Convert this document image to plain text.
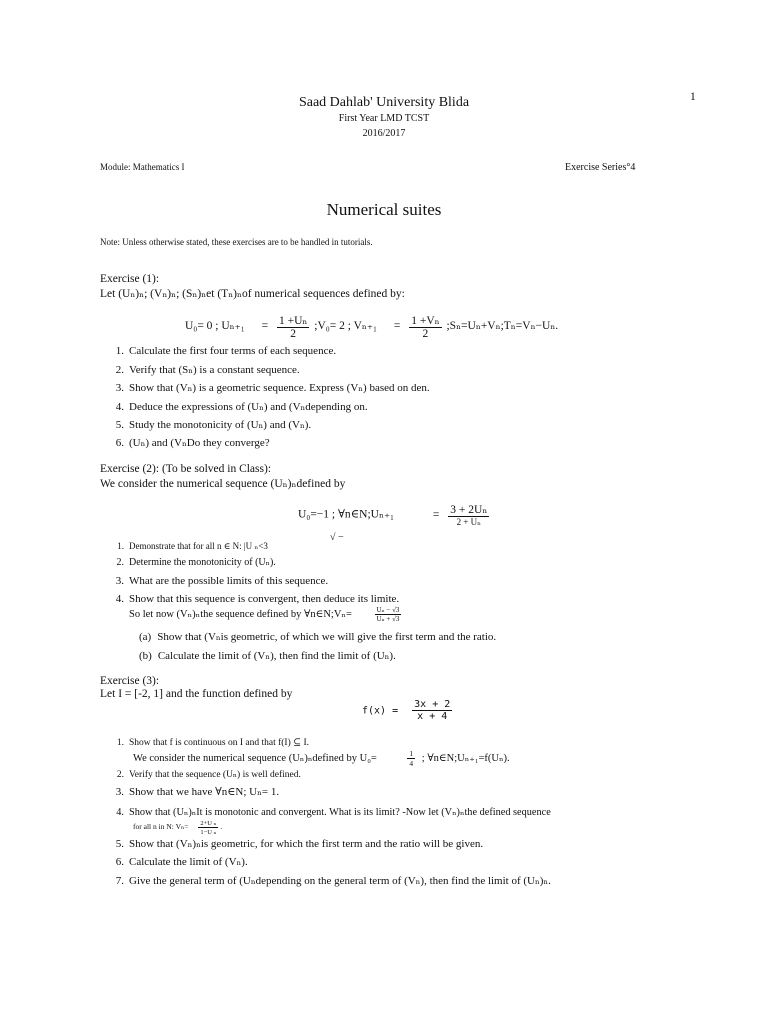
1
Saad Dahlab' University Blida
First Year LMD TCST
2016/2017
Module: Mathematics I	Exercise Series°4
Numerical suites
Note: Unless otherwise stated, these exercises are to be handled in tutorials.
Exercise (1):
Let (Uₙ)ₙ; (Vₙ)ₙ; (Sₙ)ₙet (Tₙ)ₙof numerical sequences defined by:
U₀= 0 ; $U_{n+1} = \frac{\text{1 +Uₙ}}{2}$ ;V₀= 2 ; $V_{n+1} = \frac{\text{1 +Vₙ}}{2}$ ;Sₙ=Uₙ+Vₙ;Tₙ=Vₙ−Uₙ.
1. Calculate the first four terms of each sequence.
2. Verify that (Sₙ) is a constant sequence.
3. Show that (Vₙ) is a geometric sequence. Express (Vₙ) based on den.
4. Deduce the expressions of (Uₙ) and (Vₙdepending on.
5. Study the monotonicity of (Uₙ) and (Vₙ).
6. (Uₙ) and (VₙDo they converge?
Exercise (2): (To be solved in Class):
We consider the numerical sequence (Uₙ)ₙdefined by
U₀=−1 ; ∀n∈N;Uₙ₊₁	= $\frac{\text{3 + 2Uₙ}}{\text{2 + Uₙ}}$
√ −
1. Demonstrate that for all n ∈ N: |U ₙ<3
2. Determine the monotonicity of (Uₙ).
3. What are the possible limits of this sequence.
4. Show that this sequence is convergent, then deduce its limite.
So let now (Vₙ)ₙthe sequence defined by ∀n∈N;Vₙ=	$\frac{\text{Uₙ − √3}}{\text{Uₙ + √3}}$
(a) Show that (Vₙis geometric, of which we will give the first term and the ratio.
(b) Calculate the limit of (Vₙ), then find the limit of (Uₙ).
Exercise (3):
Let I = [-2, 1] and the function defined by
$f(x) = \frac{3x + 2}{x + 4}$
1. Show that f is continuous on I and that f(I) ⊆ I.
We consider the numerical sequence (Uₙ)ₙdefined by U₀=	$\frac{1}{4}$ ; ∀n∈N;Uₙ₊₁=f(Uₙ).
2. Verify that the sequence (Uₙ) is well defined.
3. Show that we have ∀n∈N; Uₙ= 1.
4. Show that (Uₙ)ₙIt is monotonic and convergent. What is its limit? -Now let (Vₙ)ₙthe defined sequence
for all n in N: $V_n= \frac{\text{2+U ₙ}}{\text{1−U ₙ}}$ .
5. Show that (Vₙ)ₙis geometric, for which the first term and the ratio will be given.
6. Calculate the limit of (Vₙ).
7. Give the general term of (Uₙdepending on the general term of (Vₙ), then find the limit of (Uₙ)ₙ.
